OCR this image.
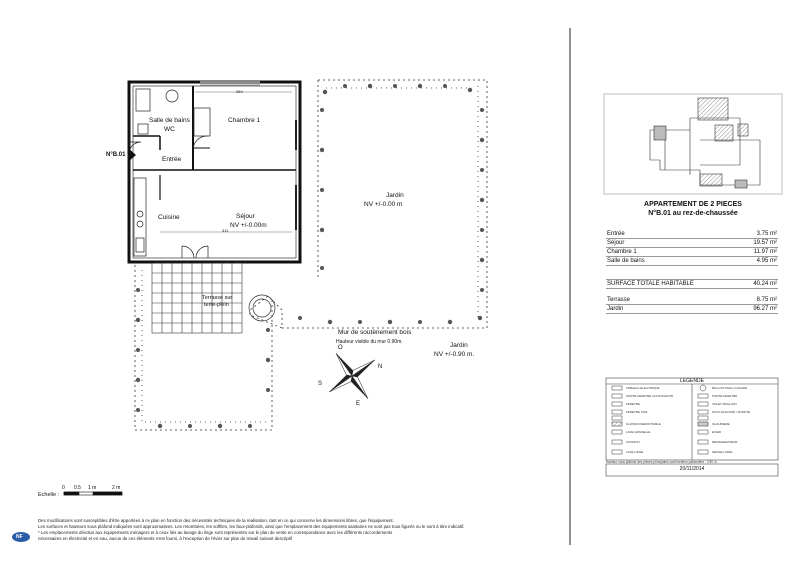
364
311
N°B.01
Salle de bains
WC
Chambre 1
Entrée
Cuisine	Séjour
NV +/-0.00m
Jardin
NV +/-0.00 m
Terrasse sur
terre-plein
Mur de soutènement bois
Hauteur visible du mur 0.90m.	Jardin
NV +/-0.90 m.
O
N
E
S
Echelle :
0 0.5 1 m	2 m
Des modifications sont susceptibles d'être apportées à ce plan en fonction des nécessités techniques de la réalisation, tant en ce qui concerne les dimensions libres, que l'équipement.
Les surfaces et hauteurs sous plafond indiquées sont approximatives. Les retombées, les soffites, les faux-plafonds, ainsi que l'emplacement des équipements sanitaires ne sont pas tous figurés ou le sont à titre indicatif.
* Les emplacements dévolus aux équipements ménagers et à ceux liés au lavage du linge sont représentés sur le plan de vente en correspondance avec les différents raccordements
nécessaires en électricité et en eau, aucun de ces éléments n'est fourni, à l'exception de l'évier sur plan de travail suivant descriptif
NF
APPARTEMENT DE 2 PIECES
N°B.01 au rez-de-chaussée
Entrée	3.75 m²
Séjour	19.57 m²
Chambre 1	11.97 m²
Salle de bains	4.95 m²
SURFACE TOTALE HABITABLE	40.24 m²
Terrasse	8.75 m²
Jardin	96.27 m²
LEGENDE
TABLEAU ELECTRIQUE
PORTE-FENETRE COULISSANTE
FENETRE
FENETRE FIXE
CLOISON DEMONTABLE
LAVE-VAISSELLE
CUISSON
LAVE LINGE
BALLON D'EAU CHAUDE
PORTE-FENETRE
VOLET ROULANT
FAUX-PLAFOND / SOFFITE
CHAUDIERE
EVIER
REFRIGERATEUR
SECHE-LINGE
Hauteur sous plafond des pièces principales sauf mention particulière : 2.50 m
20/11/2014
